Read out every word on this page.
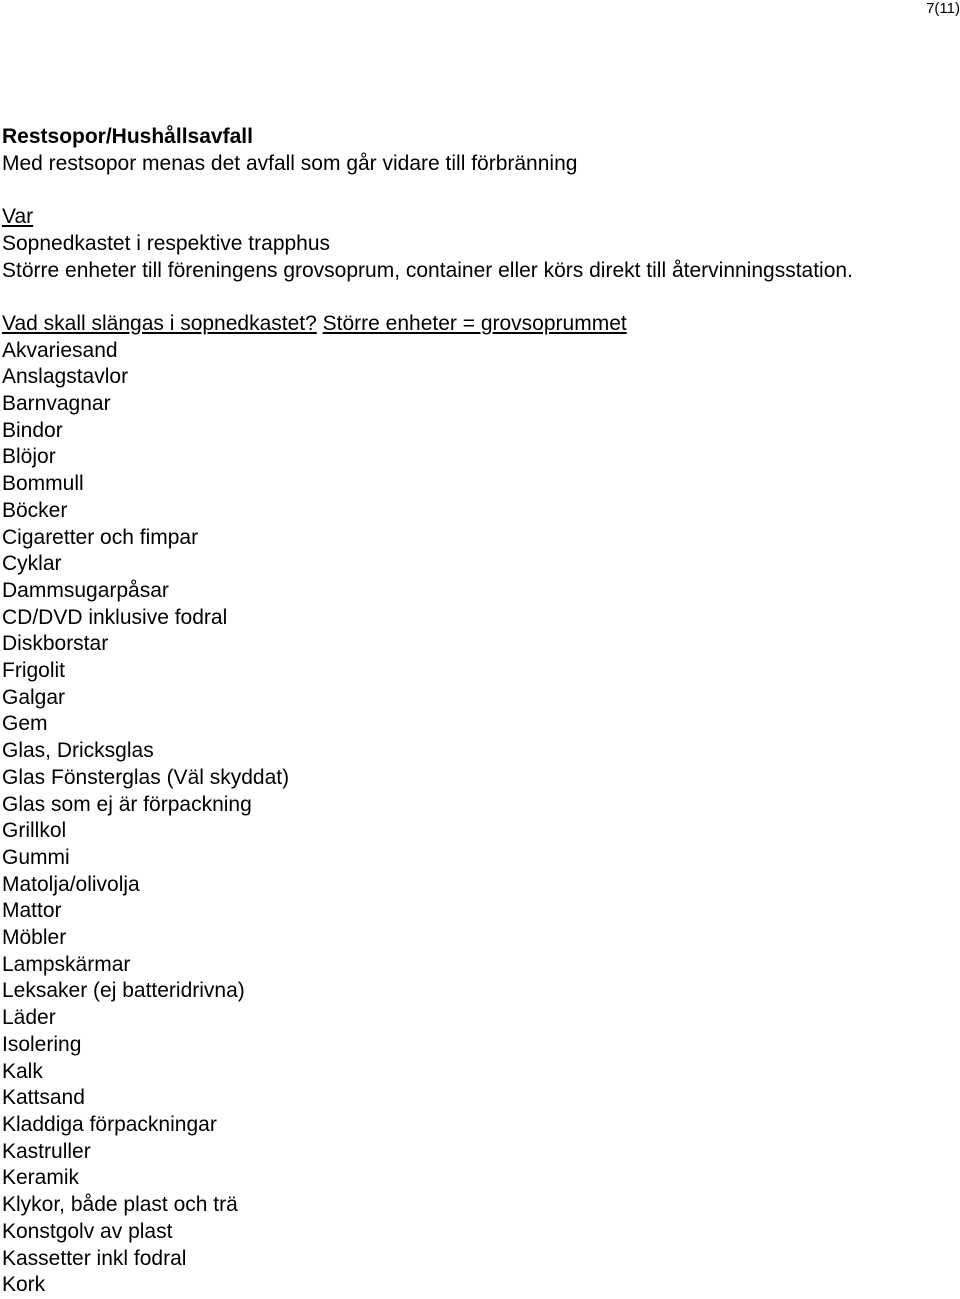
7(11)
Restsopor/Hushållsavfall
Med restsopor menas det avfall som går vidare till förbränning
Var
Sopnedkastet i respektive trapphus
Större enheter till föreningens grovsoprum, container eller körs direkt till återvinningsstation.
Vad skall slängas i sopnedkastet? Större enheter = grovsoprummet
Akvariesand
Anslagstavlor
Barnvagnar
Bindor
Blöjor
Bommull
Böcker
Cigaretter och fimpar
Cyklar
Dammsugarpåsar
CD/DVD inklusive fodral
Diskborstar
Frigolit
Galgar
Gem
Glas, Dricksglas
Glas Fönsterglas (Väl skyddat)
Glas som ej är förpackning
Grillkol
Gummi
Matolja/olivolja
Mattor
Möbler
Lampskärmar
Leksaker (ej batteridrivna)
Läder
Isolering
Kalk
Kattsand
Kladdiga förpackningar
Kastruller
Keramik
Klykor, både plast och trä
Konstgolv av plast
Kassetter inkl fodral
Kork
